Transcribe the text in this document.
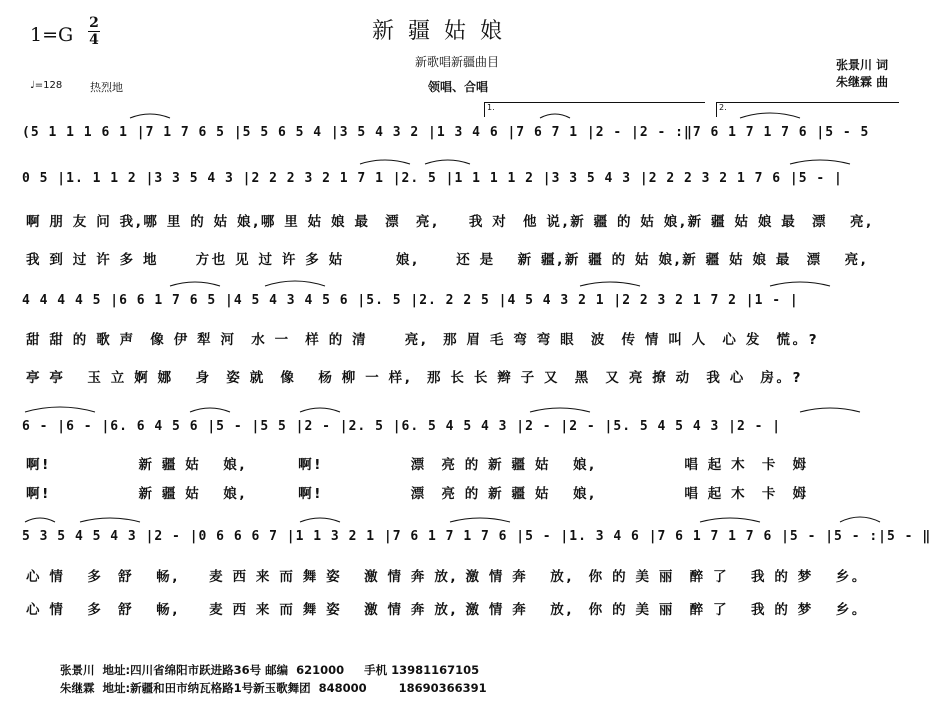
1=G
2
4	新疆姑娘
新歌唱新疆曲目
领唱、合唱
张景川 词
朱继霖 曲
♩=128	热烈地
1.	2.
(5 1 1 1 6 1 |7 1 7 6 5 |5 5 6 5 4 |3 5 4 3 2 |1 3 4 6 |7 6 7 1 |2 - |2 - :‖7 6 1 7 1 7 6 |5 - 5
0 5 |1. 1 1 2 |3 3 5 4 3 |2 2 2 3 2 1 7 1 |2. 5 |1 1 1 1 2 |3 3 5 4 3 |2 2 2 3 2 1 7 6 |5 - |
啊 朋 友 问 我,哪 里 的 姑 娘,哪 里 姑 娘 最  漂  亮,    我 对  他 说,新 疆 的 姑 娘,新 疆 姑 娘 最  漂   亮,
我 到 过 许 多 地     方也 见 过 许 多 姑       娘,     还 是   新 疆,新 疆 的 姑 娘,新 疆 姑 娘 最  漂   亮,
4 4 4 4 5 |6 6 1 7 6 5 |4 5 4 3 4 5 6 |5. 5 |2. 2 2 5 |4 5 4 3 2 1 |2 2 3 2 1 7 2 |1 - |
甜 甜 的 歌 声  像 伊 犁 河  水 一  样 的 清     亮,  那 眉 毛 弯 弯 眼  波  传 情 叫 人  心 发  慌。?
亭 亭   玉 立 婀 娜   身  姿 就  像   杨 柳 一 样,  那 长 长 辫 子 又  黑  又 亮 撩 动  我 心  房。?
6 - |6 - |6. 6 4 5 6 |5 - |5 5 |2 - |2. 5 |6. 5 4 5 4 3 |2 - |2 - |5. 5 4 5 4 3 |2 - |
啊!            新 疆 姑   娘,       啊!            漂  亮 的 新 疆 姑   娘,            唱 起 木  卡  姆
啊!            新 疆 姑   娘,       啊!            漂  亮 的 新 疆 姑   娘,            唱 起 木  卡  姆
5 3 5 4 5 4 3 |2 - |0 6 6 6 7 |1 1 3 2 1 |7 6 1 7 1 7 6 |5 - |1. 3 4 6 |7 6 1 7 1 7 6 |5 - |5 - :|5 - ‖
心 情   多  舒   畅,    麦 西 来 而 舞 姿   激 情 奔 放, 激 情 奔   放,  你 的 美 丽  醉 了   我 的 梦   乡。
心 情   多  舒   畅,    麦 西 来 而 舞 姿   激 情 奔 放, 激 情 奔   放,  你 的 美 丽  醉 了   我 的 梦   乡。
张景川  地址:四川省绵阳市跃进路36号 邮编  621000     手机 13981167105
朱继霖  地址:新疆和田市纳瓦格路1号新玉歌舞团  848000        18690366391
